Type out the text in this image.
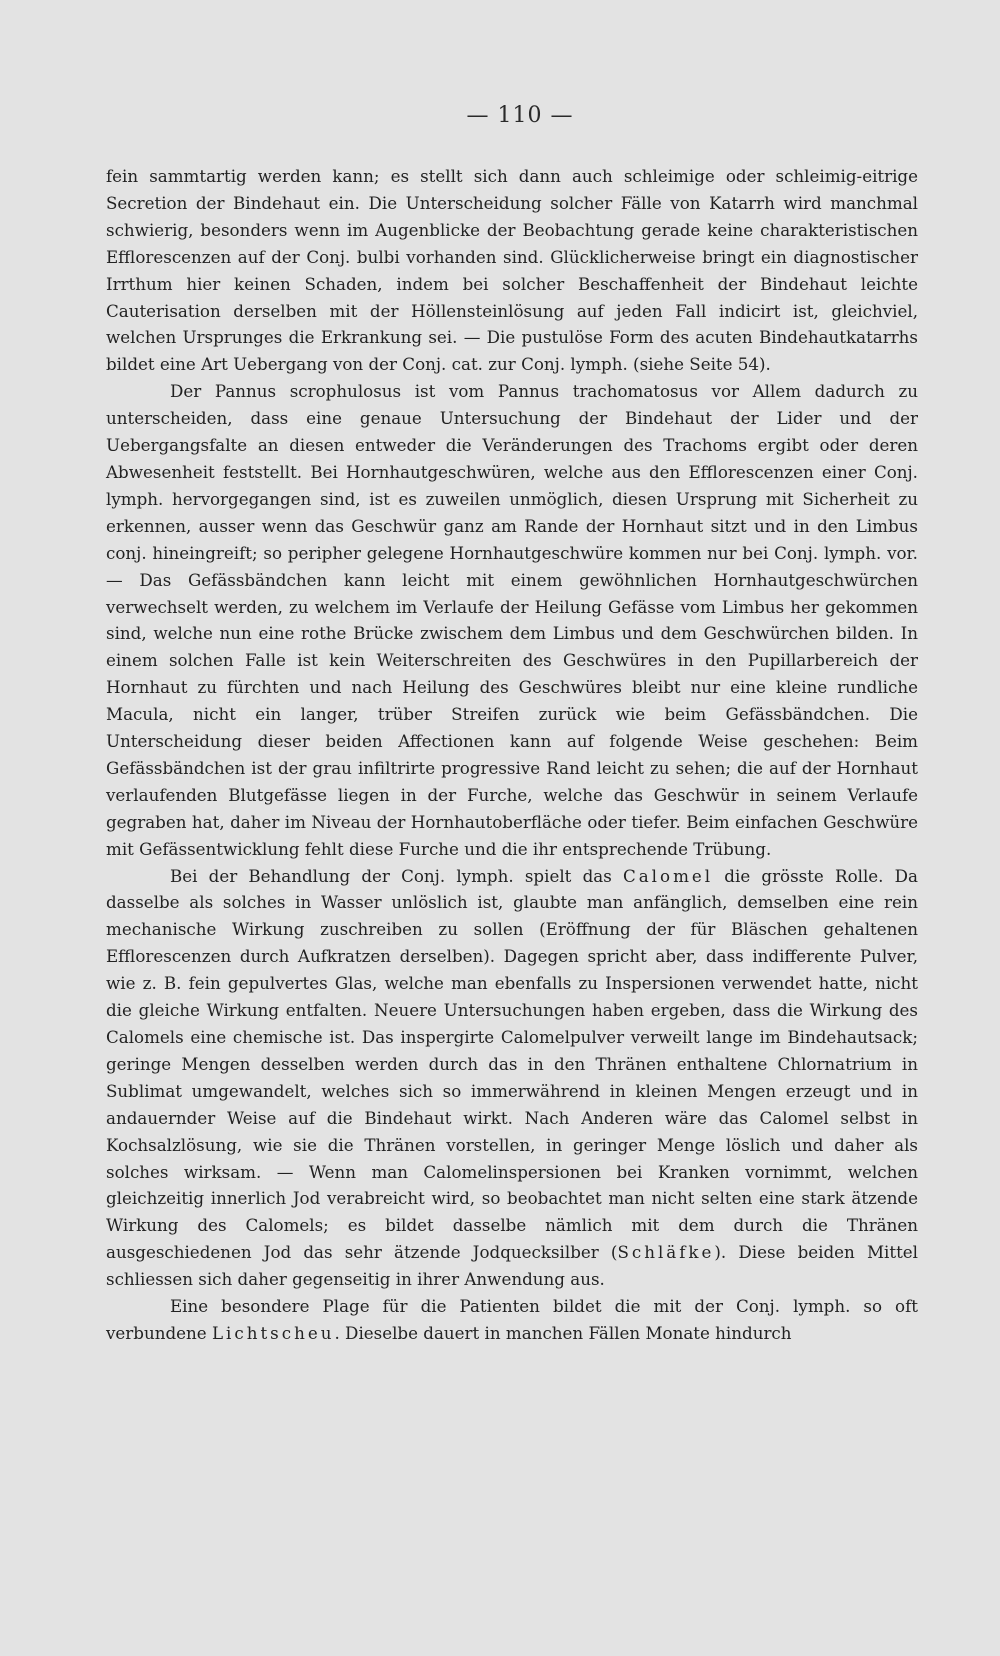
— 110 —

fein sammtartig werden kann; es stellt sich dann auch schleimige oder schleimig-eitrige Secretion der Bindehaut ein. Die Unterscheidung solcher Fälle von Katarrh wird manchmal schwierig, besonders wenn im Augenblicke der Beobachtung gerade keine charakteristischen Efflorescenzen auf der Conj. bulbi vorhanden sind. Glücklicherweise bringt ein diagnostischer Irrthum hier keinen Schaden, indem bei solcher Beschaffenheit der Bindehaut leichte Cauterisation derselben mit der Höllensteinlösung auf jeden Fall indicirt ist, gleichviel, welchen Ursprunges die Erkrankung sei. — Die pustulöse Form des acuten Bindehautkatarrhs bildet eine Art Uebergang von der Conj. cat. zur Conj. lymph. (siehe Seite 54).

Der Pannus scrophulosus ist vom Pannus trachomatosus vor Allem dadurch zu unterscheiden, dass eine genaue Untersuchung der Bindehaut der Lider und der Uebergangsfalte an diesen entweder die Veränderungen des Trachoms ergibt oder deren Abwesenheit feststellt. Bei Hornhautgeschwüren, welche aus den Efflorescenzen einer Conj. lymph. hervorgegangen sind, ist es zuweilen unmöglich, diesen Ursprung mit Sicherheit zu erkennen, ausser wenn das Geschwür ganz am Rande der Hornhaut sitzt und in den Limbus conj. hineingreift; so peripher gelegene Hornhautgeschwüre kommen nur bei Conj. lymph. vor. — Das Gefässbändchen kann leicht mit einem gewöhnlichen Hornhautgeschwürchen verwechselt werden, zu welchem im Verlaufe der Heilung Gefässe vom Limbus her gekommen sind, welche nun eine rothe Brücke zwischem dem Limbus und dem Geschwürchen bilden. In einem solchen Falle ist kein Weiterschreiten des Geschwüres in den Pupillarbereich der Hornhaut zu fürchten und nach Heilung des Geschwüres bleibt nur eine kleine rundliche Macula, nicht ein langer, trüber Streifen zurück wie beim Gefässbändchen. Die Unterscheidung dieser beiden Affectionen kann auf folgende Weise geschehen: Beim Gefässbändchen ist der grau infiltrirte progressive Rand leicht zu sehen; die auf der Hornhaut verlaufenden Blutgefässe liegen in der Furche, welche das Geschwür in seinem Verlaufe gegraben hat, daher im Niveau der Hornhautoberfläche oder tiefer. Beim einfachen Geschwüre mit Gefässentwicklung fehlt diese Furche und die ihr entsprechende Trübung.

Bei der Behandlung der Conj. lymph. spielt das Calomel die grösste Rolle. Da dasselbe als solches in Wasser unlöslich ist, glaubte man anfänglich, demselben eine rein mechanische Wirkung zuschreiben zu sollen (Eröffnung der für Bläschen gehaltenen Efflorescenzen durch Aufkratzen derselben). Dagegen spricht aber, dass indifferente Pulver, wie z. B. fein gepulvertes Glas, welche man ebenfalls zu Inspersionen verwendet hatte, nicht die gleiche Wirkung entfalten. Neuere Untersuchungen haben ergeben, dass die Wirkung des Calomels eine chemische ist. Das inspergirte Calomelpulver verweilt lange im Bindehautsack; geringe Mengen desselben werden durch das in den Thränen enthaltene Chlornatrium in Sublimat umgewandelt, welches sich so immerwährend in kleinen Mengen erzeugt und in andauernder Weise auf die Bindehaut wirkt. Nach Anderen wäre das Calomel selbst in Kochsalzlösung, wie sie die Thränen vorstellen, in geringer Menge löslich und daher als solches wirksam. — Wenn man Calomelinspersionen bei Kranken vornimmt, welchen gleichzeitig innerlich Jod verabreicht wird, so beobachtet man nicht selten eine stark ätzende Wirkung des Calomels; es bildet dasselbe nämlich mit dem durch die Thränen ausgeschiedenen Jod das sehr ätzende Jodquecksilber (Schläfke). Diese beiden Mittel schliessen sich daher gegenseitig in ihrer Anwendung aus.

Eine besondere Plage für die Patienten bildet die mit der Conj. lymph. so oft verbundene Lichtscheu. Dieselbe dauert in manchen Fällen Monate hindurch
